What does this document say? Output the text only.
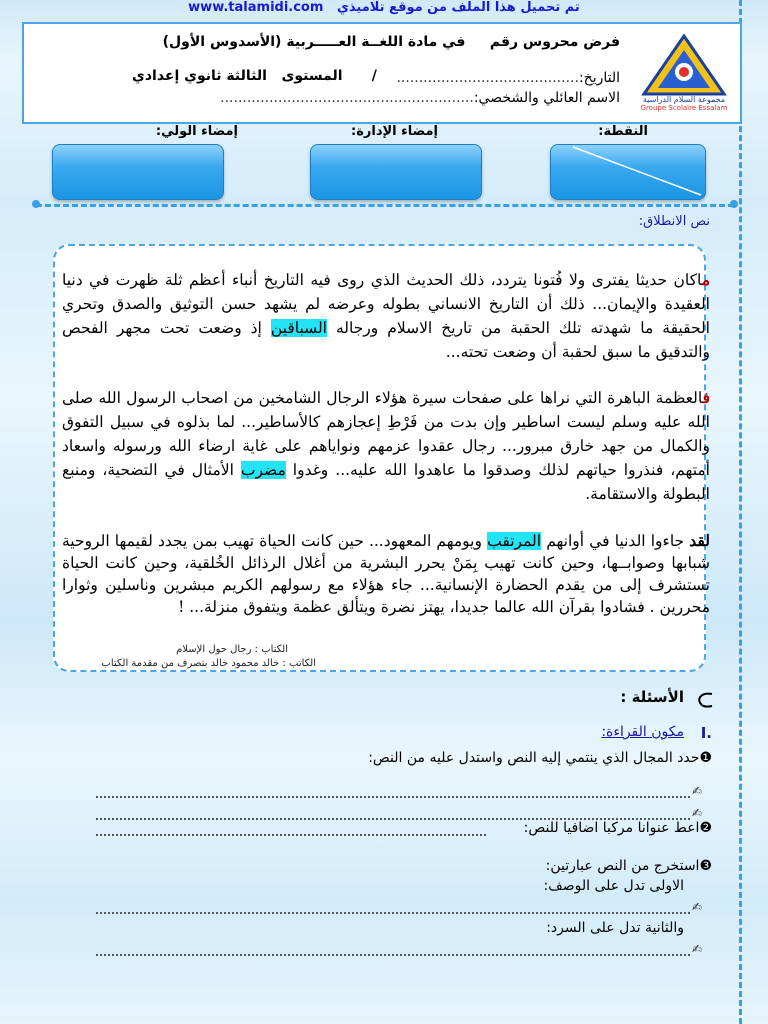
www.talamidi.com تم تحميل هذا الملف من موقع تلاميذي
مجموعة السلام الدراسية
Groupe Scolaire Essalam
فرض محروس رقم     في مادة اللغــة العـــــربية (الأسدوس الأول)
التاريخ:.........................................
/      المستوى   الثالثة ثانوي إعدادي
الاسم العائلي والشخصي:.........................................................
النقطة:
إمضاء الإدارة:
إمضاء الولي:
نص الانطلاق:
ماكان حديثا يفترى ولا فُتونا يتردد، ذلك الحديث الذي روى فيه التاريخ أنباء أعظم ثلة ظهرت في دنيا العقيدة والإيمان... ذلك أن التاريخ الانساني بطوله وعرضه لم يشهد حسن التوثيق والصدق وتحري الحقيقة ما شهدته تلك الحقبة من تاريخ الاسلام ورجاله السباقين إذ وضعت تحت مجهر الفحص والتدقيق ما سبق لحقبة أن وضعت تحته...
فالعظمة الباهرة التي نراها على صفحات سيرة هؤلاء الرجال الشامخين من اصحاب الرسول الله صلى الله عليه وسلم ليست اساطير وإن بدت من فَرْطِ إعجازهم كالأساطير... لما بذلوه في سبيل التفوق والكمال من جهد خارق مبرور... رجال عقدوا عزمهم ونواياهم على غاية ارضاء الله ورسوله واسعاد أمتهم، فنذروا حياتهم لذلك وصدقوا ما عاهدوا الله عليه... وغدوا مضرب الأمثال في التضحية، ومنبع البطولة والاستقامة.
لقد جاءوا الدنيا في أوانهم المرتقب ويومهم المعهود... حين كانت الحياة تهيب بمن يجدد لقيمها الروحية شبابها وصوابــها، وحين كانت تهيب بِمَنْ يحرر البشرية من أغلال الرذائل الخُلقية، وحين كانت الحياة تستشرف إلى من يقدم الحضارة الإنسانية... جاء هؤلاء مع رسولهم الكريم مبشرين وناسلين وثوارا محررين . فشادوا بقرآن الله عالما جديدا، يهتز نضرة ويتألق عظمة ويتفوق منزلة... !
الكتاب : رجال حول الإسلام
الكاتب : خالد محمود خالد بتصرف من مقدمة الكتاب
الأسئلة :
I.
مكون القراءة:
❶حدد المجال الذي ينتمي إليه النص واستدل عليه من النص:
✍
✍
❷اعط عنوانا مركبا اضافيا للنص:
❸استخرج من النص عبارتين:
الاولى تدل على الوصف:
✍
والثانية تدل على السرد:
✍
